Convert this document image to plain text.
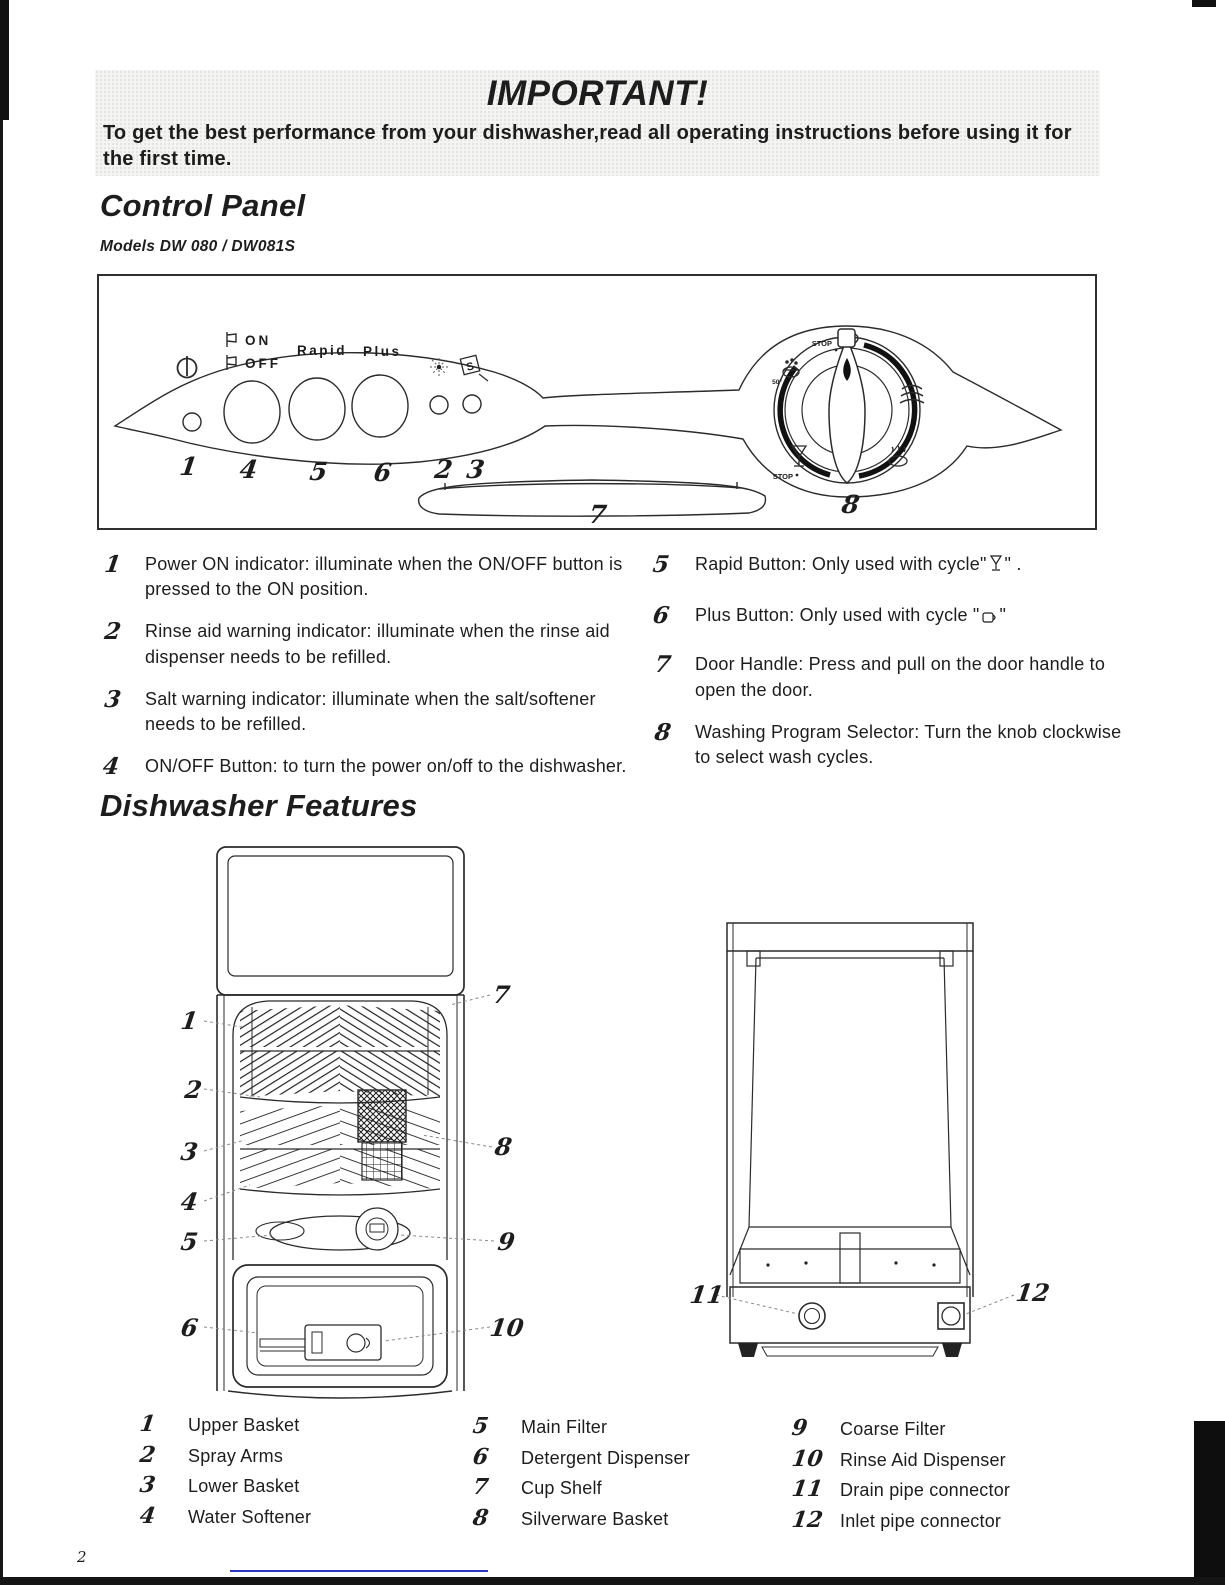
IMPORTANT!
To get the best performance from your dishwasher,read all operating instructions before using it for the first time.
Control Panel
Models DW 080 / DW081S
ON
OFF
Rapid Plus
S
STOP
50°
STOP
1 4 5 6 2 3
7	8
1	Power ON indicator: illuminate when the ON/OFF button is pressed to the ON position.

2	Rinse aid warning indicator: illuminate when the rinse aid dispenser needs to be refilled.

3	Salt warning indicator: illuminate when the salt/softener needs to be refilled.

4	ON/OFF Button: to turn the power on/off to the dishwasher.

5	Rapid Button: Only used with cycle" " .

6	Plus Button: Only used with cycle " "

7	Door Handle: Press and pull on the door handle to open the door.

8	Washing Program Selector: Turn the knob clockwise to select wash cycles.

Dishwasher Features
1
2
3
4
5
6
7
8
9
10
11	12
1	Upper Basket
2	Spray Arms
3	Lower Basket
4	Water Softener
5	Main Filter
6	Detergent Dispenser
7	Cup Shelf
8	Silverware Basket
9	Coarse Filter
10 Rinse Aid Dispenser
11 Drain pipe connector
12 Inlet pipe connector
2
